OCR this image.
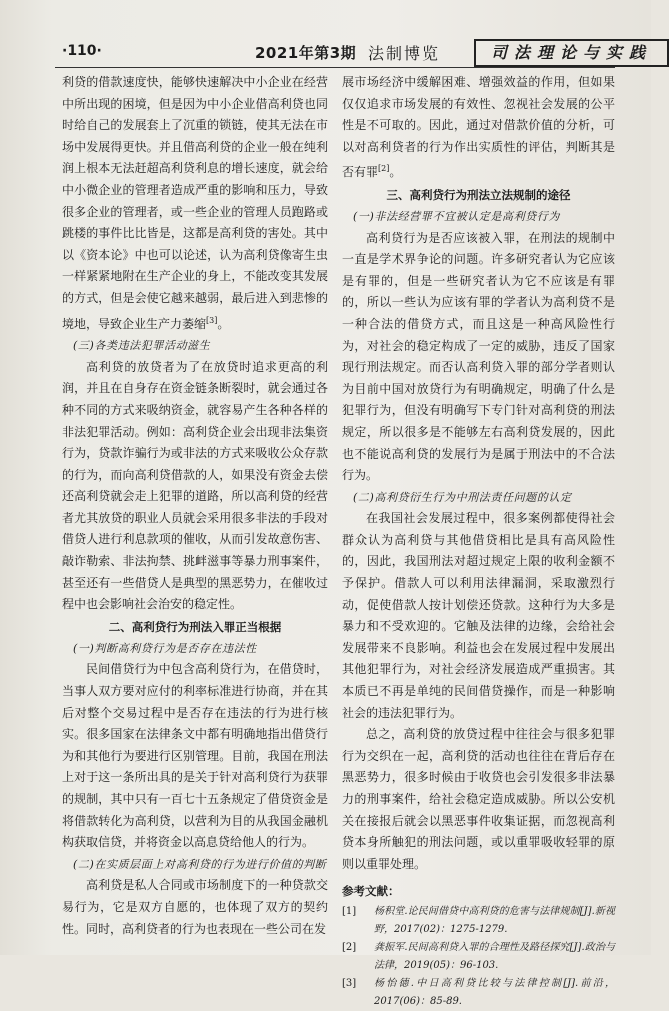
·110·	2021年第3期 法制博览	司法理论与实践

利贷的借款速度快，能够快速解决中小企业在经营中所出现的困境，但是因为中小企业借高利贷也同时给自己的发展套上了沉重的锁链，使其无法在市场中发展得更快。并且借高利贷的企业一般在纯利润上根本无法赶超高利贷利息的增长速度，就会给中小微企业的管理者造成严重的影响和压力，导致很多企业的管理者，或一些企业的管理人员跑路或跳楼的事件比比皆是，这都是高利贷的害处。其中以《资本论》中也可以论述，认为高利贷像寄生虫一样紧紧地附在生产企业的身上，不能改变其发展的方式，但是会使它越来越弱，最后进入到悲惨的境地，导致企业生产力萎缩[3]。

(三)各类违法犯罪活动滋生

高利贷的放贷者为了在放贷时追求更高的利润，并且在自身存在资金链条断裂时，就会通过各种不同的方式来吸纳资金，就容易产生各种各样的非法犯罪活动。例如：高利贷企业会出现非法集资行为，贷款诈骗行为或非法的方式来吸收公众存款的行为，而向高利贷借款的人，如果没有资金去偿还高利贷就会走上犯罪的道路，所以高利贷的经营者尤其放贷的职业人员就会采用很多非法的手段对借贷人进行利息款项的催收，从而引发故意伤害、敲诈勒索、非法拘禁、挑衅滋事等暴力刑事案件，甚至还有一些借贷人是典型的黑恶势力，在催收过程中也会影响社会治安的稳定性。

二、高利贷行为刑法入罪正当根据

(一)判断高利贷行为是否存在违法性

民间借贷行为中包含高利贷行为，在借贷时，当事人双方要对应付的利率标准进行协商，并在其后对整个交易过程中是否存在违法的行为进行核实。很多国家在法律条文中都有明确地指出借贷行为和其他行为要进行区别管理。目前，我国在刑法上对于这一条所出具的是关于针对高利贷行为获罪的规制，其中只有一百七十五条规定了借贷资金是将借款转化为高利贷，以营利为目的从我国金融机构获取信贷，并将资金以高息贷给他人的行为。

(二)在实质层面上对高利贷的行为进行价值的判断

高利贷是私人合同或市场制度下的一种贷款交易行为，它是双方自愿的，也体现了双方的契约性。同时，高利贷者的行为也表现在一些公司在发

展市场经济中缓解困难、增强效益的作用，但如果仅仅追求市场发展的有效性、忽视社会发展的公平性是不可取的。因此，通过对借款价值的分析，可以对高利贷者的行为作出实质性的评估，判断其是否有罪[2]。

三、高利贷行为刑法立法规制的途径

(一)非法经营罪不宜被认定是高利贷行为

高利贷行为是否应该被入罪，在刑法的规制中一直是学术界争论的问题。许多研究者认为它应该是有罪的，但是一些研究者认为它不应该是有罪的，所以一些认为应该有罪的学者认为高利贷不是一种合法的借贷方式，而且这是一种高风险性行为，对社会的稳定构成了一定的威胁，违反了国家现行刑法规定。而否认高利贷入罪的部分学者则认为目前中国对放贷行为有明确规定，明确了什么是犯罪行为，但没有明确写下专门针对高利贷的刑法规定，所以很多是不能够左右高利贷发展的，因此也不能说高利贷的发展行为是属于刑法中的不合法行为。

(二)高利贷衍生行为中刑法责任问题的认定

在我国社会发展过程中，很多案例都使得社会群众认为高利贷与其他借贷相比是具有高风险性的，因此，我国刑法对超过规定上限的收利金额不予保护。借款人可以利用法律漏洞，采取激烈行动，促使借款人按计划偿还贷款。这种行为大多是暴力和不受欢迎的。它触及法律的边缘，会给社会发展带来不良影响。利益也会在发展过程中发展出其他犯罪行为，对社会经济发展造成严重损害。其本质已不再是单纯的民间借贷操作，而是一种影响社会的违法犯罪行为。

总之，高利贷的放贷过程中往往会与很多犯罪行为交织在一起，高利贷的活动也往往在背后存在黑恶势力，很多时候由于收贷也会引发很多非法暴力的刑事案件，给社会稳定造成威胁。所以公安机关在接报后就会以黑恶事件收集证据，而忽视高利贷本身所触犯的刑法问题，或以重罪吸收轻罪的原则以重罪处理。

参考文献：

[1]	杨积堂.论民间借贷中高利贷的危害与法律规制[J].新视野，2017(02)：1275-1279.
[2]	龚振军.民间高利贷入罪的合理性及路径探究[J].政治与法律，2019(05)：96-103.
[3]	杨怡德.中日高利贷比较与法律控制[J].前沿，2017(06)：85-89.
